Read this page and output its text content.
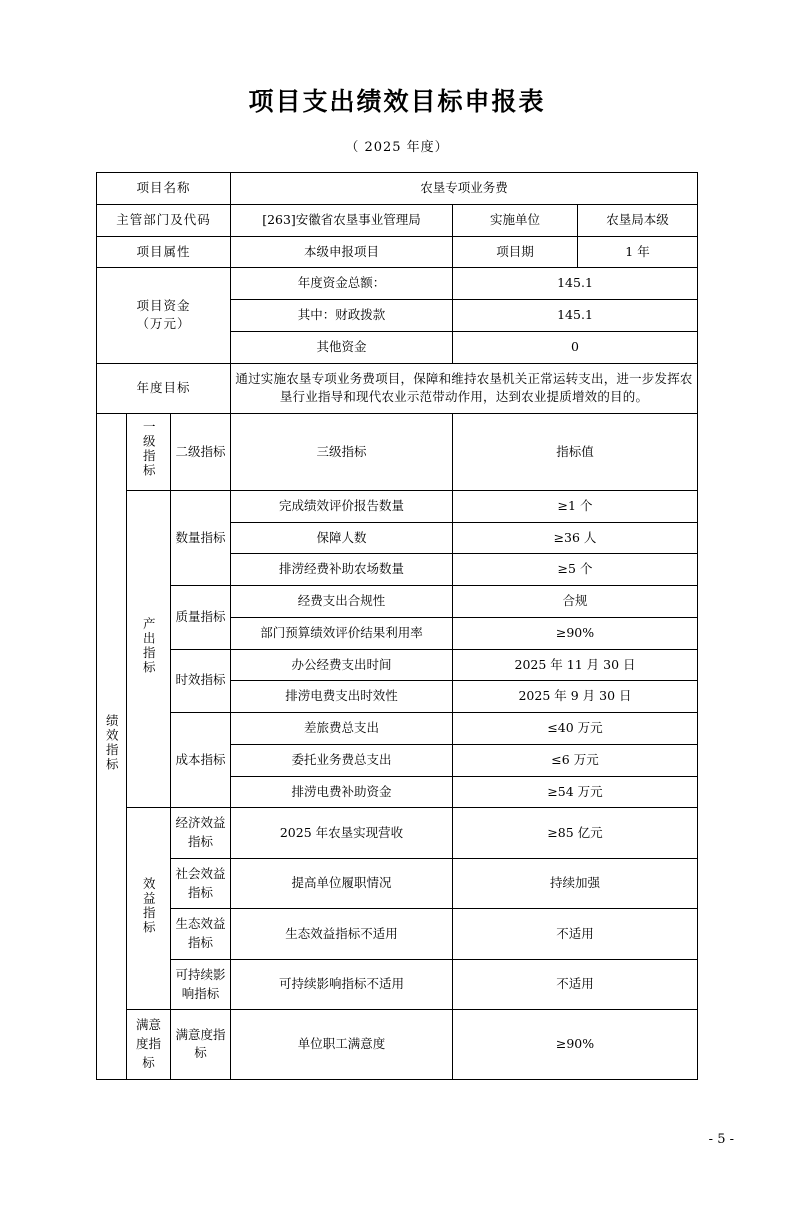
项目支出绩效目标申报表
（ 2025 年度）
项目名称			农垦专项业务费		
主管部门及代码			[263]安徽省农垦事业管理局	实施单位	农垦局本级
项目属性			本级申报项目	项目期	1 年

项目资金
（万元）			年度资金总额：	145.1	
			其中：财政拨款	145.1	
			其他资金	0	
年度目标			通过实施农垦专项业务费项目，保障和维持农垦机关正常运转支出，进一步发挥农垦行业指导和现代农业示范带动作用，达到农业提质增效的目的。		
绩效指标	一级指标	二级指标	三级指标	指标值	
	产出指标	数量指标	完成绩效评价报告数量	≥1 个	
			保障人数	≥36 人	
			排涝经费补助农场数量	≥5 个	
		质量指标	经费支出合规性	合规	
			部门预算绩效评价结果利用率	≥90%	
		时效指标	办公经费支出时间	2025 年 11 月 30 日	
			排涝电费支出时效性	2025 年 9 月 30 日	
		成本指标	差旅费总支出	≤40 万元	
			委托业务费总支出	≤6 万元	
			排涝电费补助资金	≥54 万元	
	效益指标	经济效益指标	2025 年农垦实现营收	≥85 亿元	
		社会效益指标	提高单位履职情况	持续加强	
		生态效益指标	生态效益指标不适用	不适用	
		可持续影响指标	可持续影响指标不适用	不适用	
	满意度指标	满意度指标	单位职工满意度	≥90%	
- 5 -
